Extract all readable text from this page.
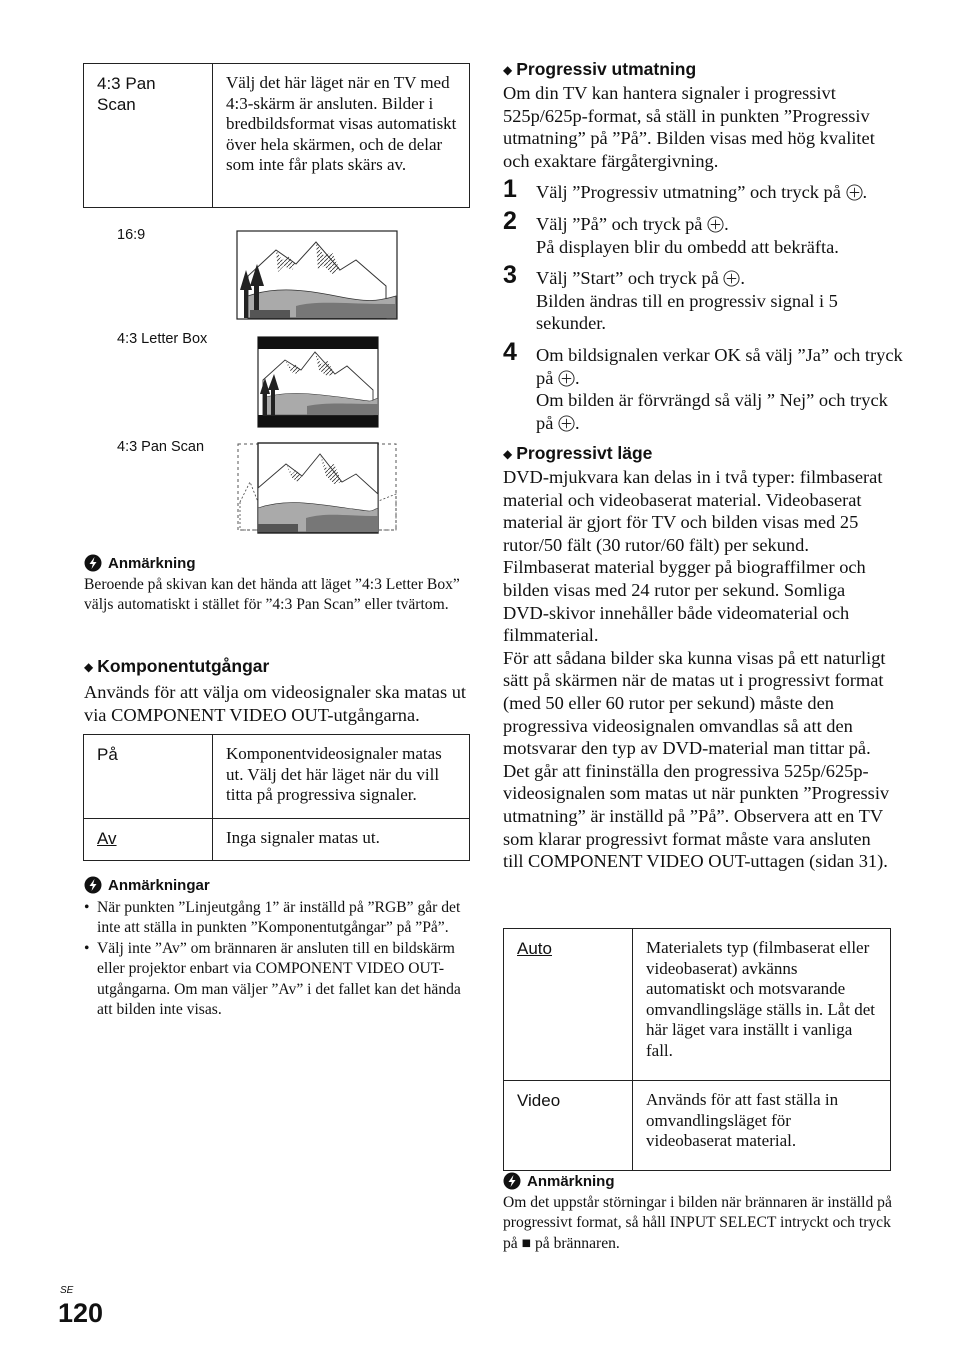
4:3 Pan
Scan	Välj det här läget när en TV med 4:3-skärm är ansluten. Bilder i bredbildsformat visas automatiskt över hela skärmen, och de delar som inte får plats skärs av.
16:9
4:3 Letter Box
4:3 Pan Scan
Anmärkning
Beroende på skivan kan det hända att läget ”4:3 Letter Box” väljs automatiskt i stället för ”4:3 Pan Scan” eller tvärtom.
◆ Komponentutgångar
Används för att välja om videosignaler ska matas ut via COMPONENT VIDEO OUT-utgångarna.
På	Komponentvideosignaler matas ut. Välj det här läget när du vill titta på progressiva signaler.
Av	Inga signaler matas ut.
Anmärkningar
• När punkten ”Linjeutgång 1” är inställd på ”RGB” går det inte att ställa in punkten ”Komponentutgångar” på ”På”.
• Välj inte ”Av” om brännaren är ansluten till en bildskärm eller projektor enbart via COMPONENT VIDEO OUT-utgångarna. Om man väljer ”Av” i det fallet kan det hända att bilden inte visas.
◆ Progressiv utmatning
Om din TV kan hantera signaler i progressivt 525p/625p-format, så ställ in punkten ”Progressiv utmatning” på ”På”. Bilden visas med hög kvalitet och exaktare färgåtergivning.
1 Välj ”Progressiv utmatning” och tryck på .
2 Välj ”På” och tryck på .
På displayen blir du ombedd att bekräfta.
3 Välj ”Start” och tryck på .
Bilden ändras till en progressiv signal i 5 sekunder.
4 Om bildsignalen verkar OK så välj ”Ja” och tryck på .
Om bilden är förvrängd så välj ” Nej” och tryck på .
◆ Progressivt läge
DVD-mjukvara kan delas in i två typer: filmbaserat material och videobaserat material. Videobaserat material är gjort för TV och bilden visas med 25 rutor/50 fält (30 rutor/60 fält) per sekund. Filmbaserat material bygger på biograffilmer och bilden visas med 24 rutor per sekund. Somliga DVD-skivor innehåller både videomaterial och filmmaterial.
För att sådana bilder ska kunna visas på ett naturligt sätt på skärmen när de matas ut i progressivt format (med 50 eller 60 rutor per sekund) måste den progressiva videosignalen omvandlas så att den motsvarar den typ av DVD-material man tittar på.
Det går att fininställa den progressiva 525p/625p-videosignalen som matas ut när punkten ”Progressiv utmatning” är inställd på ”På”. Observera att en TV som klarar progressivt format måste vara ansluten till COMPONENT VIDEO OUT-uttagen (sidan 31).
Auto	Materialets typ (filmbaserat eller videobaserat) avkänns automatiskt och motsvarande omvandlingsläge ställs in. Låt det här läget vara inställt i vanliga fall.
Video	Används för att fast ställa in omvandlingsläget för videobaserat material.
Anmärkning
Om det uppstår störningar i bilden när brännaren är inställd på progressivt format, så håll INPUT SELECT intryckt och tryck på ■ på brännaren.
SE
120
